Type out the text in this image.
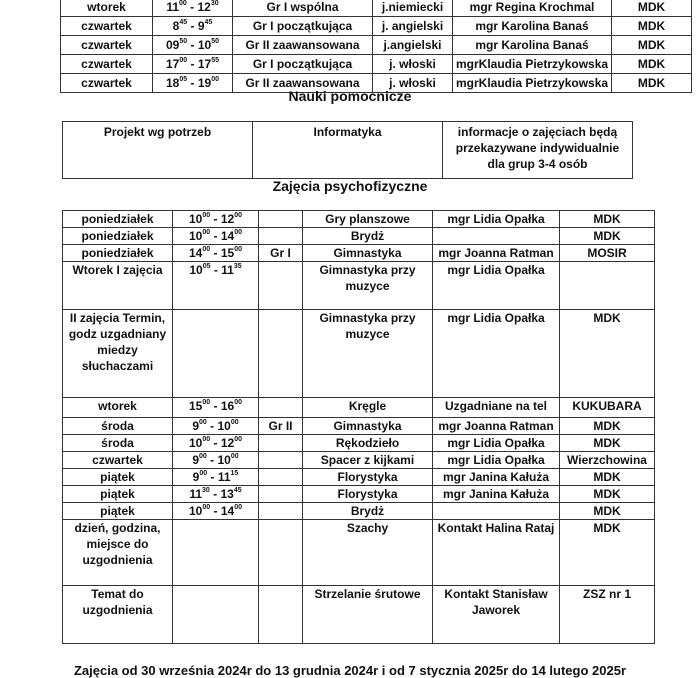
wtorek	$11^{00} - 12^{30}$	Gr I wspólna	j.niemiecki	mgr Regina Krochmal	MDK
czwartek	$8^{45} - 9^{45}$	Gr I początkująca	j. angielski	mgr Karolina Banaś	MDK
czwartek	$09^{50} - 10^{50}$	Gr II zaawansowana	j.angielski	mgr Karolina Banaś	MDK
czwartek	$17^{00} - 17^{55}$	Gr I początkująca	j. włoski	mgrKlaudia Pietrzykowska	MDK
czwartek	$18^{05} - 19^{00}$	Gr II zaawansowana	j. włoski	mgrKlaudia Pietrzykowska	MDK
Nauki pomocnicze
Projekt wg potrzeb	Informatyka	informacje o zajęciach będą przekazywane indywidualnie dla grup 3-4 osób
Zajęcia psychofizyczne
poniedziałek	$10^{00} - 12^{00}$		Gry planszowe	mgr Lidia Opałka	MDK
poniedziałek	$10^{00} - 14^{00}$		Brydż		MDK
poniedziałek	$14^{00} - 15^{00}$	Gr I	Gimnastyka	mgr Joanna Ratman	MOSIR
Wtorek I zajęcia	$10^{05} - 11^{35}$		Gimnastyka przy muzyce	mgr Lidia Opałka	
II zajęcia Termin, godz uzgadniany miedzy słuchaczami			Gimnastyka przy muzyce	mgr Lidia Opałka	MDK
wtorek	$15^{00} - 16^{00}$		Kręgle	Uzgadniane na tel	KUKUBARA
środa	$9^{00} - 10^{00}$	Gr II	Gimnastyka	mgr Joanna Ratman	MDK
środa	$10^{00} - 12^{00}$		Rękodzieło	mgr Lidia Opałka	MDK
czwartek	$9^{00} - 10^{00}$		Spacer z kijkami	mgr Lidia Opałka	Wierzchowina
piątek	$9^{00} - 11^{15}$		Florystyka	mgr Janina Kałuża	MDK
piątek	$11^{30} - 13^{45}$		Florystyka	mgr Janina Kałuża	MDK
piątek	$10^{00} - 14^{00}$		Brydż		MDK
dzień, godzina, miejsce do uzgodnienia			Szachy	Kontakt Halina Rataj	MDK
Temat do uzgodnienia			Strzelanie śrutowe	Kontakt Stanisław Jaworek	ZSZ nr 1
Zajęcia od 30 września 2024r do 13 grudnia 2024r i od 7 stycznia 2025r do 14 lutego 2025r
